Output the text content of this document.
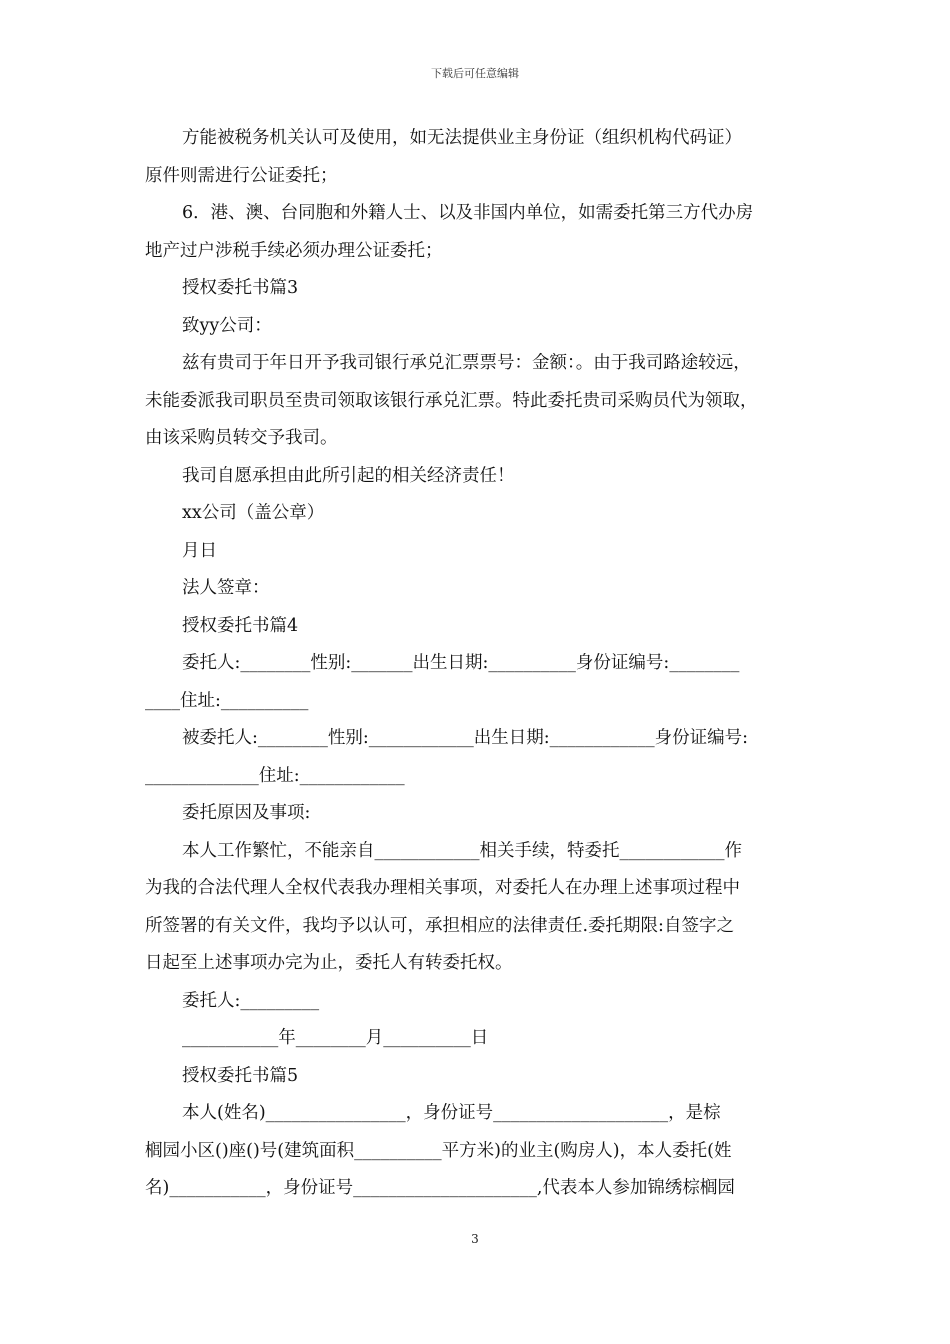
下载后可任意编辑
方能被税务机关认可及使用，如无法提供业主身份证（组织机构代码证）
原件则需进行公证委托；
6．港、澳、台同胞和外籍人士、以及非国内单位，如需委托第三方代办房
地产过户涉税手续必须办理公证委托；
授权委托书篇3
致yy公司：
兹有贵司于年日开予我司银行承兑汇票票号：金额：。由于我司路途较远，
未能委派我司职员至贵司领取该银行承兑汇票。特此委托贵司采购员代为领取，
由该采购员转交予我司。
我司自愿承担由此所引起的相关经济责任！
xx公司（盖公章）
月日
法人签章：
授权委托书篇4
委托人:________性别:_______出生日期:__________身份证编号:________
____住址:__________
被委托人:________性别:____________出生日期:____________身份证编号:
_____________住址:____________
委托原因及事项:
本人工作繁忙，不能亲自____________相关手续，特委托____________作
为我的合法代理人全权代表我办理相关事项，对委托人在办理上述事项过程中
所签署的有关文件，我均予以认可，承担相应的法律责任.委托期限:自签字之
日起至上述事项办完为止，委托人有转委托权。
委托人:_________
___________年________月__________日
授权委托书篇5
本人(姓名)________________，身份证号____________________，是棕
榈园小区()座()号(建筑面积__________平方米)的业主(购房人)，本人委托(姓
名)___________，身份证号_____________________,代表本人参加锦绣棕榈园
3
